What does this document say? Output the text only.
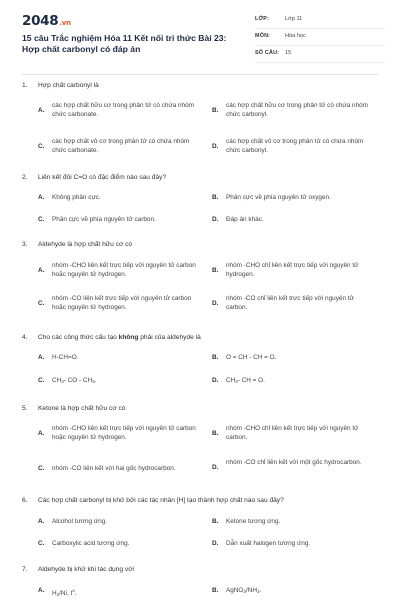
2048.vn
15 câu Trắc nghiệm Hóa 11 Kết nối tri thức Bài 23: Hợp chất carbonyl có đáp án
LỚP:	Lớp 11
MÔN:	Hóa học
SỐ CÂU: 15
1. Hợp chất carbonyl là
A.
các hợp chất hữu cơ trong phân tử có chứa nhóm chức carbonate.
B.
các hợp chất hữu cơ trong phân tử có chứa nhóm chức carbonyl.
C.
các hợp chất vô cơ trong phân tử có chứa nhóm chức carbonate.
D.
các hợp chất vô cơ trong phân tử có chứa nhóm chức carbonyl.
2. Liên kết đôi C=O có đặc điểm nào sau đây?
A. Không phân cực.	B. Phân cực về phía nguyên tử oxygen.
C. Phân cực về phía nguyên tử carbon.	D. Đáp án khác.
3. Aldehyde là hợp chất hữu cơ có
A.
nhóm -CHO liên kết trực tiếp với nguyên tử carbon hoặc nguyên tử hydrogen.
B.
nhóm -CHO chỉ liên kết trực tiếp với nguyên tử hydrogen.
C.
nhóm -CO liên kết trực tiếp với nguyên tử carbon hoặc nguyên tử hydrogen.
D.
nhóm -CO chỉ liên kết trực tiếp với nguyên tử carbon.
4. Cho các công thức cấu tạo không phải của aldehyde là
A. H-CH=O.	B. O = CH - CH = O.
C. $CH_3-$ CO - $CH_3$.	D. $CH_3-$ CH = O.
5. Ketone là hợp chất hữu cơ có
A.
nhóm -CHO liên kết trực tiếp với nguyên tử carbon hoặc nguyên tử hydrogen.
B.
nhóm -CHO chỉ liên kết trực tiếp với nguyên tử carbon.
C. nhóm -CO liên kết với hai gốc hydrocarbon.	D.
nhóm -CO chỉ liên kết với một gốc hydrocarbon.
6. Các hợp chất carbonyl bị khử bởi các tác nhân [H] tạo thành hợp chất nào sau đây?
A. Alcohol tương ứng.	B. Ketone tương ứng.
C. Carboxylic acid tương ứng.	D. Dẫn xuất halogen tương ứng.
7. Aldehyde bị khử khi tác dụng với
A. $H_2/Ni$, $t^o$.	B. $AgNO_3/NH_3$.
